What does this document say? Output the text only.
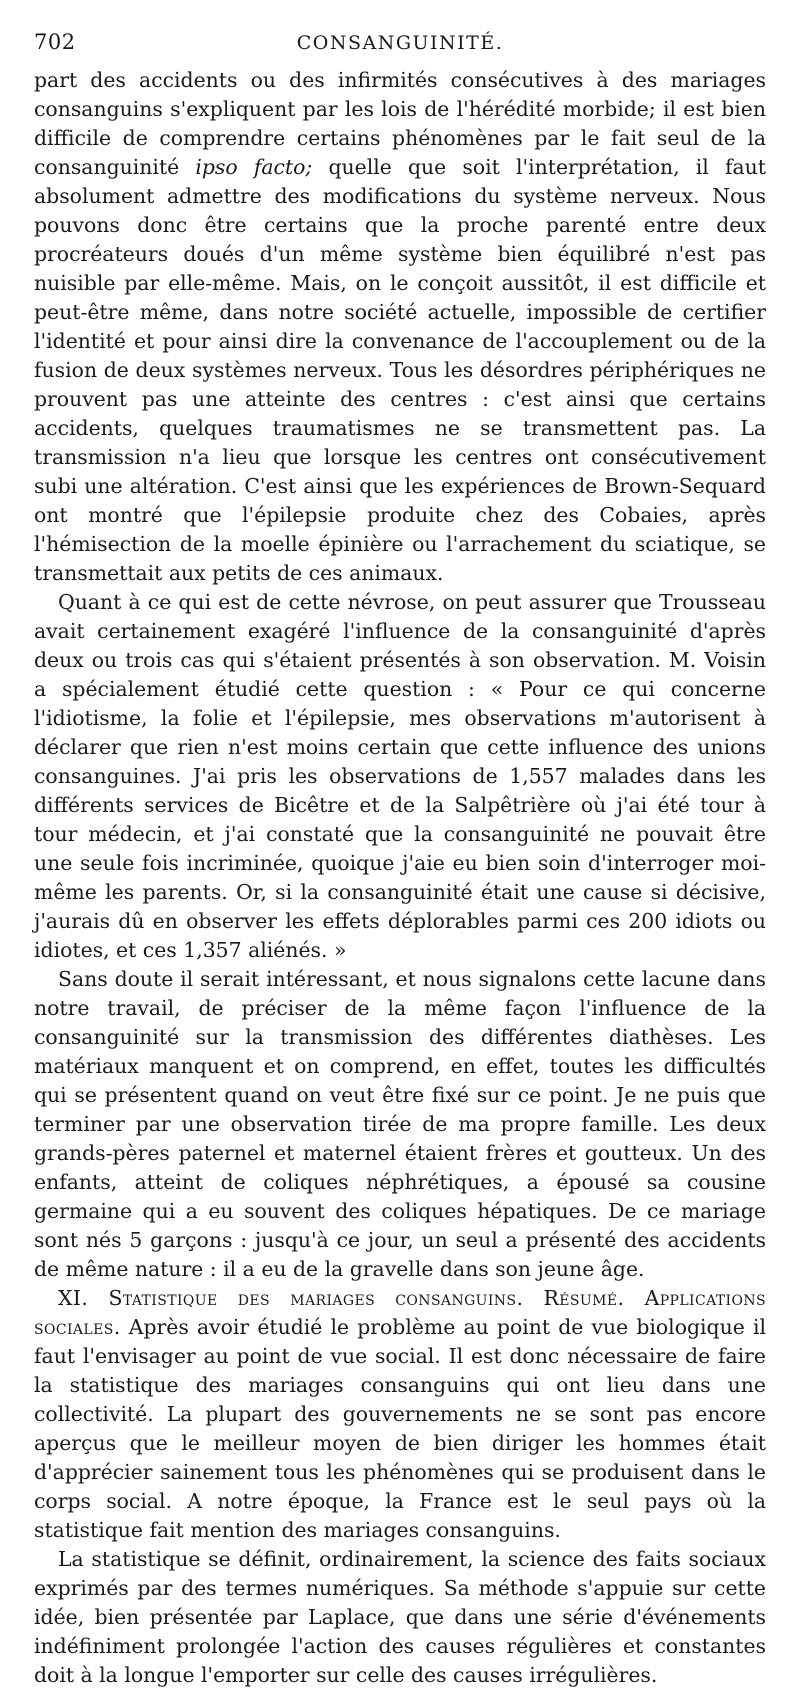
702	CONSANGUINITÉ.

part des accidents ou des infirmités consécutives à des mariages consanguins s'expliquent par les lois de l'hérédité morbide; il est bien difficile de comprendre certains phénomènes par le fait seul de la consanguinité ipso facto; quelle que soit l'interprétation, il faut absolument admettre des modifications du système nerveux. Nous pouvons donc être certains que la proche parenté entre deux procréateurs doués d'un même système bien équilibré n'est pas nuisible par elle-même. Mais, on le conçoit aussitôt, il est difficile et peut-être même, dans notre société actuelle, impossible de certifier l'identité et pour ainsi dire la convenance de l'accouplement ou de la fusion de deux systèmes nerveux. Tous les désordres périphériques ne prouvent pas une atteinte des centres : c'est ainsi que certains accidents, quelques traumatismes ne se transmettent pas. La transmission n'a lieu que lorsque les centres ont consécutivement subi une altération. C'est ainsi que les expériences de Brown-Sequard ont montré que l'épilepsie produite chez des Cobaies, après l'hémisection de la moelle épinière ou l'arrachement du sciatique, se transmettait aux petits de ces animaux.

Quant à ce qui est de cette névrose, on peut assurer que Trousseau avait certainement exagéré l'influence de la consanguinité d'après deux ou trois cas qui s'étaient présentés à son observation. M. Voisin a spécialement étudié cette question : « Pour ce qui concerne l'idiotisme, la folie et l'épilepsie, mes observations m'autorisent à déclarer que rien n'est moins certain que cette influence des unions consanguines. J'ai pris les observations de 1,557 malades dans les différents services de Bicêtre et de la Salpêtrière où j'ai été tour à tour médecin, et j'ai constaté que la consanguinité ne pouvait être une seule fois incriminée, quoique j'aie eu bien soin d'interroger moi-même les parents. Or, si la consanguinité était une cause si décisive, j'aurais dû en observer les effets déplorables parmi ces 200 idiots ou idiotes, et ces 1,357 aliénés. »

Sans doute il serait intéressant, et nous signalons cette lacune dans notre travail, de préciser de la même façon l'influence de la consanguinité sur la transmission des différentes diathèses. Les matériaux manquent et on comprend, en effet, toutes les difficultés qui se présentent quand on veut être fixé sur ce point. Je ne puis que terminer par une observation tirée de ma propre famille. Les deux grands-pères paternel et maternel étaient frères et goutteux. Un des enfants, atteint de coliques néphrétiques, a épousé sa cousine germaine qui a eu souvent des coliques hépatiques. De ce mariage sont nés 5 garçons : jusqu'à ce jour, un seul a présenté des accidents de même nature : il a eu de la gravelle dans son jeune âge.

XI. Statistique des mariages consanguins. Résumé. Applications sociales. Après avoir étudié le problème au point de vue biologique il faut l'envisager au point de vue social. Il est donc nécessaire de faire la statistique des mariages consanguins qui ont lieu dans une collectivité. La plupart des gouvernements ne se sont pas encore aperçus que le meilleur moyen de bien diriger les hommes était d'apprécier sainement tous les phénomènes qui se produisent dans le corps social. A notre époque, la France est le seul pays où la statistique fait mention des mariages consanguins.

La statistique se définit, ordinairement, la science des faits sociaux exprimés par des termes numériques. Sa méthode s'appuie sur cette idée, bien présentée par Laplace, que dans une série d'événements indéfiniment prolongée l'action des causes régulières et constantes doit à la longue l'emporter sur celle des causes irrégulières.
